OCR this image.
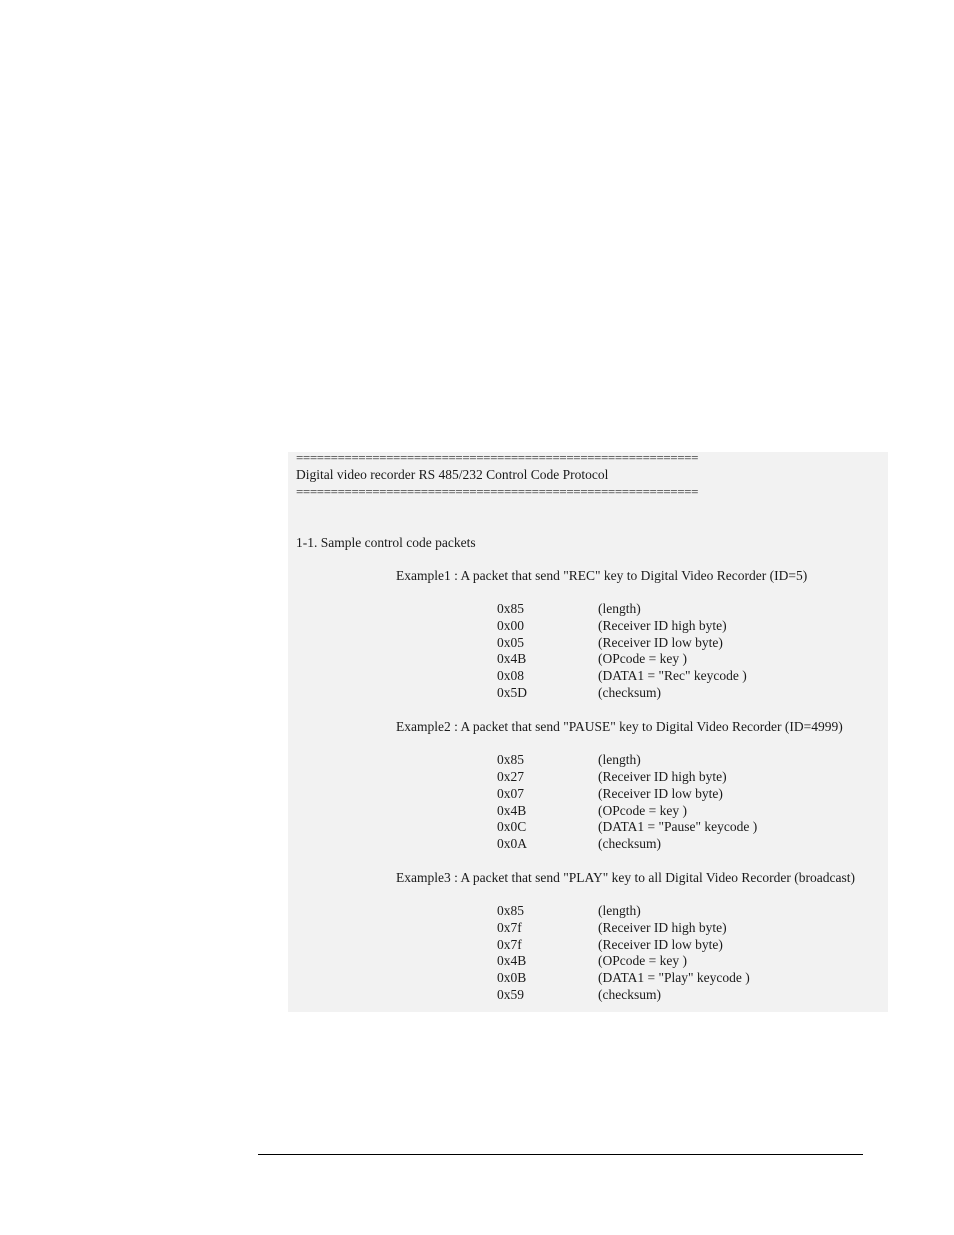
==========================================================
Digital video recorder RS 485/232 Control Code Protocol
==========================================================
1-1. Sample control code packets
Example1 : A packet that send "REC" key to Digital Video Recorder (ID=5)
0x85	(length)
0x00	(Receiver ID high byte)
0x05	(Receiver ID low byte)
0x4B	(OPcode = key )
0x08	(DATA1 = "Rec" keycode )
0x5D	(checksum)
Example2 : A packet that send "PAUSE" key to Digital Video Recorder (ID=4999)
0x85	(length)
0x27	(Receiver ID high byte)
0x07	(Receiver ID low byte)
0x4B	(OPcode = key )
0x0C	(DATA1 = "Pause" keycode )
0x0A	(checksum)
Example3 : A packet that send "PLAY" key to all Digital Video Recorder (broadcast)
0x85	(length)
0x7f	(Receiver ID high byte)
0x7f	(Receiver ID low byte)
0x4B	(OPcode = key )
0x0B	(DATA1 = "Play" keycode )
0x59	(checksum)
